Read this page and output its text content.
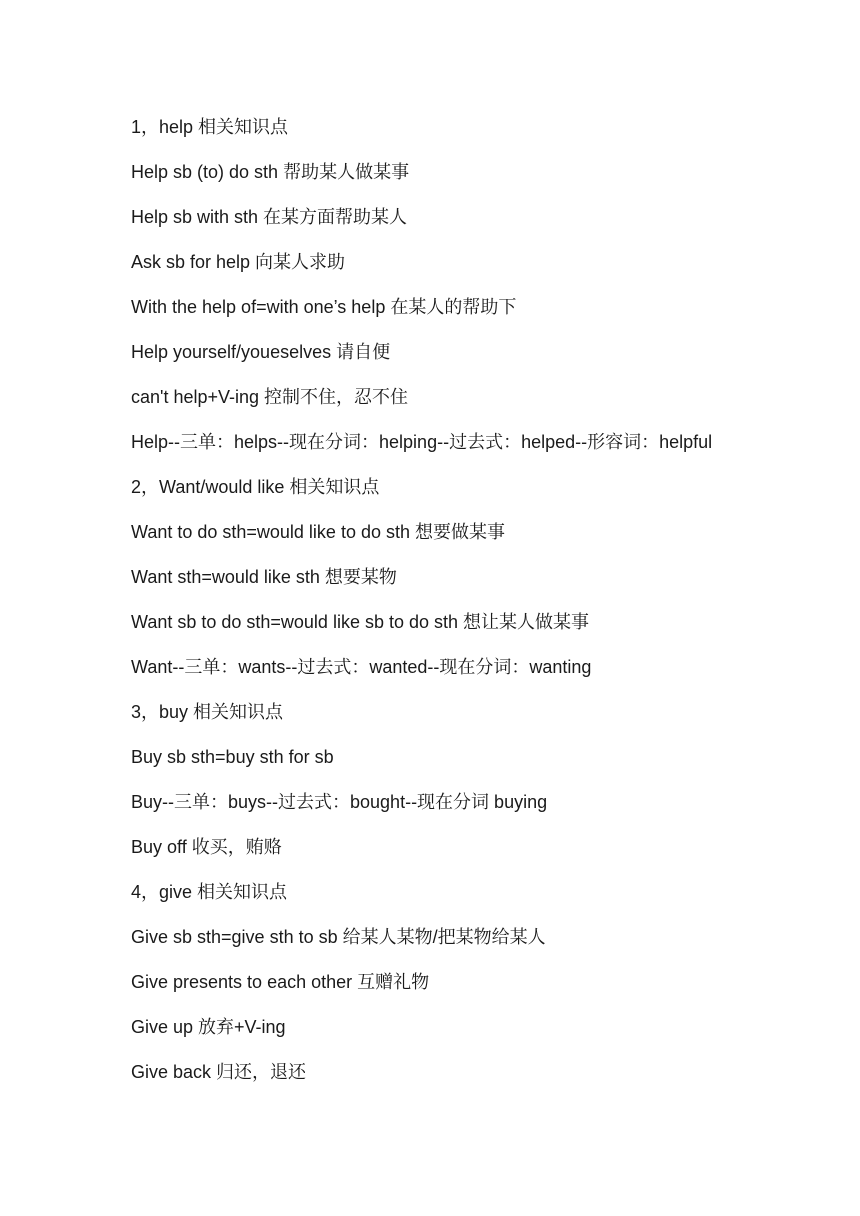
1，help 相关知识点
Help sb (to) do sth 帮助某人做某事
Help sb with sth 在某方面帮助某人
Ask sb for help 向某人求助
With the help of=with one’s help 在某人的帮助下
Help yourself/youeselves 请自便
can't help+V-ing 控制不住，忍不住
Help--三单：helps--现在分词：helping--过去式：helped--形容词：helpful
2，Want/would like 相关知识点
Want to do sth=would like to do sth 想要做某事
Want sth=would like sth 想要某物
Want sb to do sth=would like sb to do sth 想让某人做某事
Want--三单：wants--过去式：wanted--现在分词：wanting
3，buy 相关知识点
Buy sb sth=buy sth for sb
Buy--三单：buys--过去式：bought--现在分词 buying
Buy off 收买，贿赂
4，give 相关知识点
Give sb sth=give sth to sb 给某人某物/把某物给某人
Give presents to each other 互赠礼物
Give up 放弃+V-ing
Give back 归还，退还
